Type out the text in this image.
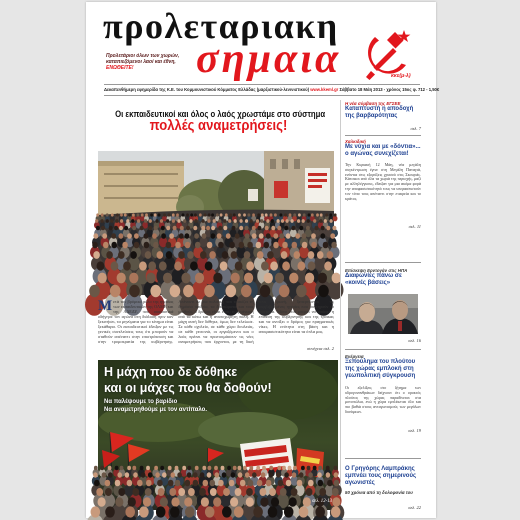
προλεταριακη
σημαια
Προλετάριοι όλων των χωρών,
καταπιεζόμενοι λαοί και έθνη, ΕΝΩΘΕΙΤΕ!
κκε(μ-λ)
Δεκαπενθήμερη εφημερίδα της Κ.Ε. του Κομμουνιστικού Κόμματος Ελλάδας (μαρξιστικού-λενινιστικού) www.kkeml.gr Σάββατο 18 Μάη 2013 - χρόνος 15ος φ. 712 - 1,50€
Οι εκπαιδευτικοί και όλος ο λαός χρωστάμε στο σύστημα
πολλές αναμετρήσεις!
Μετά τον βρόμικο ρόλο της ηγεσίας των εκπαιδευτικών της ΟΛΜΕ και της ΑΔΕΔΥ, που ουσιαστικά οδήγησε τον αγώνα στη διάλυση πριν καν ξεκινήσει, τα μηνύματα για το κίνημα είναι ξεκάθαρα. Οι εκπαιδευτικοί έδειξαν με τις γενικές συνελεύσεις τους ότι μπορούν να σταθούν απέναντι στην επιστράτευση και στην τρομοκρατία της κυβέρνησης. Απέναντι σε μια πολιτική που τσακίζει τη δημόσια παιδεία, τα δικαιώματα και τους μισθούς, ο δρόμος είναι ένας: η οργάνωση από τα κάτω και η ανυποχώρητη πάλη. Η μάχη αυτή δεν δόθηκε, όμως δεν τελείωσε. Σε κάθε σχολείο, σε κάθε χώρο δουλειάς, σε κάθε γειτονιά, οι εργαζόμενοι και ο λαός πρέπει να προετοιμάσουν τις νέες αναμετρήσεις που έρχονται, με τη δική τους φωνή, ξεπερνώντας τις συμβιβασμένες ηγεσίες που συντηρούν το σύστημα. Μόνο έτσι μπορεί να σπάσει η επίθεση της κυβέρνησης και της τρόικας και να ανοίξει ο δρόμος για πραγματικές νίκες. Η ενότητα στη βάση και η αποφασιστικότητα είναι τα όπλα μας.
συνέχεια σελ. 2
Η μάχη που δε δόθηκε
και οι μάχες που θα δοθούν!
Να παλέψουμε το βαρίδιο
Να αναμετρηθούμε με τον αντίπαλο.
σελ. 12-13
Η νέα σύμβαση της ΕΓΣΕΕ
Καταπτυστή η αποδοχή της βαρβαρότητας
σελ. 7
Χαλκιδική
Με νύχια και με «δόντια»... ο αγώνας συνεχίζεται!
Την Κυριακή 12 Μάη, νέα μεγάλη συγκέντρωση έγινε στη Μεγάλη Παναγιά, ενάντια στις εξορύξεις χρυσού στις Σκουριές. Κάτοικοι από όλα τα χωριά της περιοχής, μαζί με αλληλέγγυους, έδειξαν για μια ακόμα φορά την αποφασιστικότητά τους να υπερασπιστούν τον τόπο τους απέναντι στην εταιρεία και το κράτος.
σελ. 11
Επίσκεψη Ερντογάν στις ΗΠΑ
Διαφωνίες πάνω σε «κοινές βάσεις»
σελ. 16
Ενέργεια
Ξεπούλημα του πλούτου της χώρας εμπλοκή στη γεωπολιτική σύγκρουση
Οι εξελίξεις στο ζήτημα των υδρογονανθράκων δείχνουν ότι ο ορυκτός πλούτος της χώρας παραδίνεται στα μονοπώλια, ενώ η χώρα εμπλέκεται όλο και πιο βαθιά στους ανταγωνισμούς των μεγάλων δυνάμεων.
σελ. 19
Ο Γρηγόρης Λαμπράκης εμπνέει τους σημερινούς αγωνιστές
50 χρόνια από τη δολοφονία του
σελ. 22
